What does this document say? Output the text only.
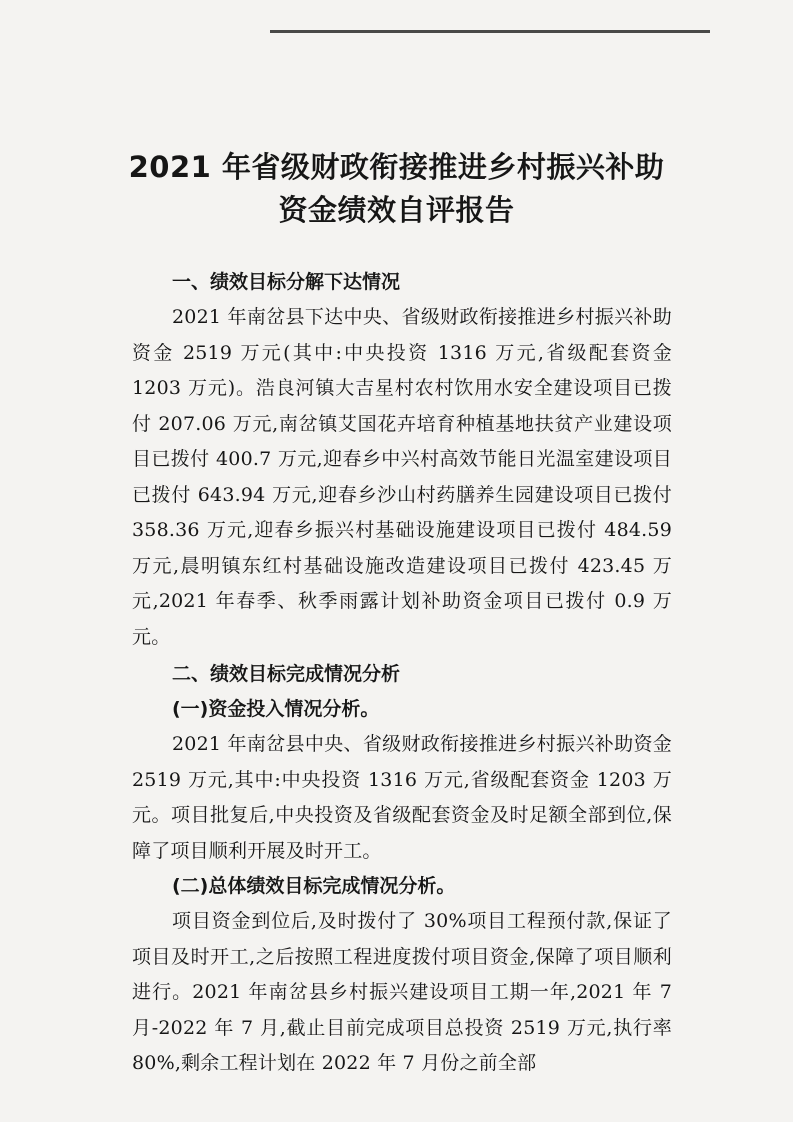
2021 年省级财政衔接推进乡村振兴补助
资金绩效自评报告
一、绩效目标分解下达情况
2021 年南岔县下达中央、省级财政衔接推进乡村振兴补助资金 2519 万元(其中:中央投资 1316 万元,省级配套资金 1203 万元)。浩良河镇大吉星村农村饮用水安全建设项目已拨付 207.06 万元,南岔镇艾国花卉培育种植基地扶贫产业建设项目已拨付 400.7 万元,迎春乡中兴村高效节能日光温室建设项目已拨付 643.94 万元,迎春乡沙山村药膳养生园建设项目已拨付 358.36 万元,迎春乡振兴村基础设施建设项目已拨付 484.59 万元,晨明镇东红村基础设施改造建设项目已拨付 423.45 万元,2021 年春季、秋季雨露计划补助资金项目已拨付 0.9 万元。
二、绩效目标完成情况分析
(一)资金投入情况分析。
2021 年南岔县中央、省级财政衔接推进乡村振兴补助资金 2519 万元,其中:中央投资 1316 万元,省级配套资金 1203 万元。项目批复后,中央投资及省级配套资金及时足额全部到位,保障了项目顺利开展及时开工。
(二)总体绩效目标完成情况分析。
项目资金到位后,及时拨付了 30%项目工程预付款,保证了项目及时开工,之后按照工程进度拨付项目资金,保障了项目顺利进行。2021 年南岔县乡村振兴建设项目工期一年,2021 年 7 月-2022 年 7 月,截止目前完成项目总投资 2519 万元,执行率 80%,剩余工程计划在 2022 年 7 月份之前全部
